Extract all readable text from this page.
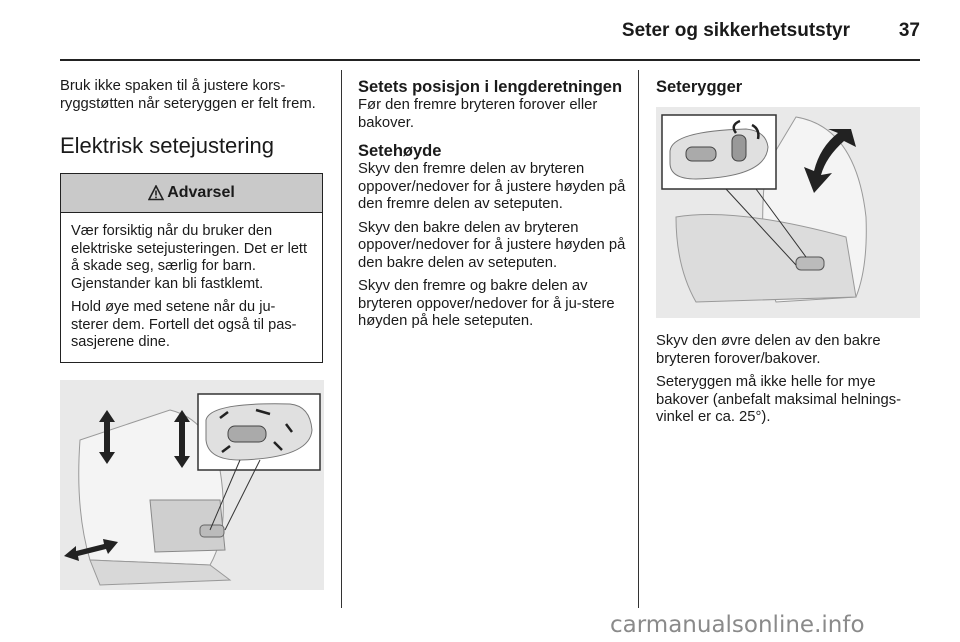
Seter og sikkerhetsutstyr	37

Bruk ikke spaken til å justere kors-ryggstøtten når seteryggen er felt frem.

Elektrisk setejustering
Advarsel

Vær forsiktig når du bruker den elektriske setejusteringen. Det er lett å skade seg, særlig for barn. Gjenstander kan bli fastklemt.

Hold øye med setene når du ju-sterer dem. Fortell det også til pas-sasjerene dine.

Setets posisjon i lengderetningen

Før den fremre bryteren forover eller bakover.

Setehøyde

Skyv den fremre delen av bryteren oppover/nedover for å justere høyden på den fremre delen av seteputen.

Skyv den bakre delen av bryteren oppover/nedover for å justere høyden på den bakre delen av seteputen.

Skyv den fremre og bakre delen av bryteren oppover/nedover for å ju-stere høyden på hele seteputen.

Seterygger

Skyv den øvre delen av den bakre bryteren forover/bakover.

Seteryggen må ikke helle for mye bakover (anbefalt maksimal helnings-vinkel er ca. 25°).

carmanualsonline.info
